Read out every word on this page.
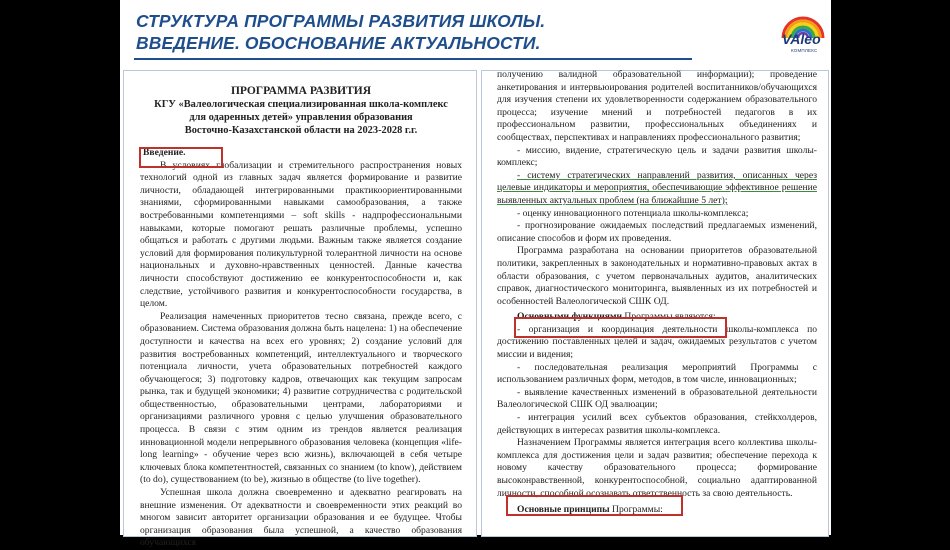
СТРУКТУРА ПРОГРАММЫ РАЗВИТИЯ ШКОЛЫ.
ВВЕДЕНИЕ. ОБОСНОВАНИЕ АКТУАЛЬНОСТИ.	VAleo
КОМПЛЕКС
ПРОГРАММА РАЗВИТИЯ
КГУ «Валеологическая специализированная школа-комплекс
для одаренных детей» управления образования
Восточно-Казахстанской области на 2023-2028 г.г.

Введение.

В условиях глобализации и стремительного распространения новых технологий одной из главных задач является формирование и развитие личности, обладающей интегрированными практикоориентированными знаниями, сформированными навыками самообразования, а также востребованными компетенциями – soft skills - надпрофессиональными навыками, которые помогают решать различные проблемы, успешно общаться и работать с другими людьми. Важным также является создание условий для формирования поликультурной толерантной личности на основе национальных и духовно-нравственных ценностей. Данные качества личности способствуют достижению ее конкурентоспособности и, как следствие, устойчивого развития и конкурентоспособности государства, в целом.

Реализация намеченных приоритетов тесно связана, прежде всего, с образованием. Система образования должна быть нацелена: 1) на обеспечение доступности и качества на всех его уровнях; 2) создание условий для развития востребованных компетенций, интеллектуального и творческого потенциала личности, учета образовательных потребностей каждого обучающегося; 3) подготовку кадров, отвечающих как текущим запросам рынка, так и будущей экономики; 4) развитие сотрудничества с родительской общественностью, образовательными центрами, лабораториями и организациями различного уровня с целью улучшения образовательного процесса. В связи с этим одним из трендов является реализация инновационной модели непрерывного образования человека (концепция «life-long learning» - обучение через всю жизнь), включающей в себя четыре ключевых блока компетентностей, связанных со знанием (to know), действием (to do), существованием (to be), жизнью в обществе (to live together).

Успешная школа должна своевременно и адекватно реагировать на внешние изменения. От адекватности и своевременности этих реакций во многом зависит авторитет организации образования и ее будущее. Чтобы организация образования была успешной, а качество образования обучающихся

получению валидной образовательной информации); проведение анкетирования и интервьюирования родителей воспитанников/обучающихся для изучения степени их удовлетворенности содержанием образовательного процесса; изучение мнений и потребностей педагогов в их профессиональном развитии, профессиональных объединениях и сообществах, перспективах и направлениях профессионального развития;

- миссию, видение, стратегическую цель и задачи развития школы-комплекс;

- систему стратегических направлений развития, описанных через целевые индикаторы и мероприятия, обеспечивающие эффективное решение выявленных актуальных проблем (на ближайшие 5 лет);

- оценку инновационного потенциала школы-комплекса;

- прогнозирование ожидаемых последствий предлагаемых изменений, описание способов и форм их проведения.

Программа разработана на основании приоритетов образовательной политики, закрепленных в законодательных и нормативно-правовых актах в области образования, с учетом первоначальных аудитов, аналитических справок, диагностического мониторинга, выявленных из их потребностей и особенностей Валеологической СШК ОД.

Основными функциями Программы являются:

- организация и координация деятельности школы-комплекса по достижению поставленных целей и задач, ожидаемых результатов с учетом миссии и видения;

- последовательная реализация мероприятий Программы с использованием различных форм, методов, в том числе, инновационных;

- выявление качественных изменений в образовательной деятельности Валеологической СШК ОД эвалюации;

- интеграция усилий всех субъектов образования, стейкхолдеров, действующих в интересах развития школы-комплекса.

Назначением Программы является интеграция всего коллектива школы-комплекса для достижения цели и задач развития; обеспечение перехода к новому качеству образовательного процесса; формирование высоконравственной, конкурентоспособной, социально адаптированной личности, способной осознавать ответственность за свою деятельность.

Основные принципы Программы:
